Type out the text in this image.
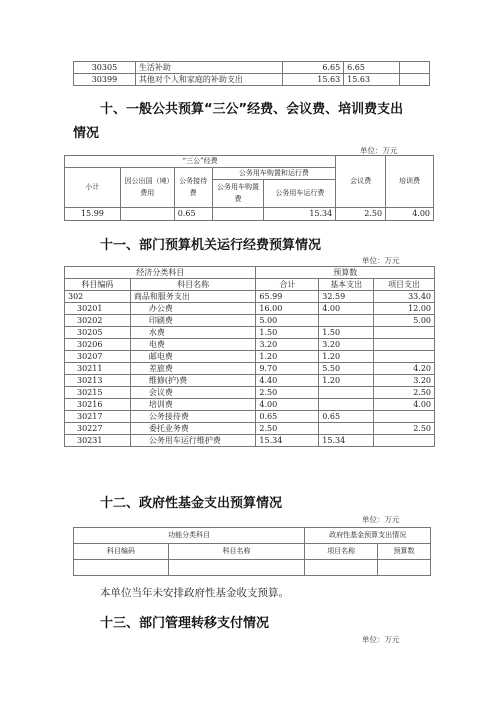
30305	生活补助	6.65	6.65	
30399	其他对个人和家庭的补助支出	15.63	15.63	
十、一般公共预算“三公”经费、会议费、培训费支出
情况
单位：万元
“三公”经费					会议费	培训费
小计	因公出国（境）费用	公务接待费	公务用车购置和运行费			
			公务用车购置费	公务用车运行费		
15.99		0.65		15.34	2.50	4.00
十一、部门预算机关运行经费预算情况
单位：万元
经济分类科目		预算数		
科目编码	科目名称	合计	基本支出	项目支出
302	商品和服务支出	65.99	32.59	33.40
30201	办公费	16.00	4.00	12.00
30202	印刷费	5.00		5.00
30205	水费	1.50	1.50	
30206	电费	3.20	3.20	
30207	邮电费	1.20	1.20	
30211	差旅费	9.70	5.50	4.20
30213	维修(护)费	4.40	1.20	3.20
30215	会议费	2.50		2.50
30216	培训费	4.00		4.00
30217	公务接待费	0.65	0.65	
30227	委托业务费	2.50		2.50
30231	公务用车运行维护费	15.34	15.34	
十二、政府性基金支出预算情况
单位：万元
功能分类科目		政府性基金预算支出情况	
科目编码	科目名称	项目名称	预算数

本单位当年未安排政府性基金收支预算。
十三、部门管理转移支付情况
单位：万元
